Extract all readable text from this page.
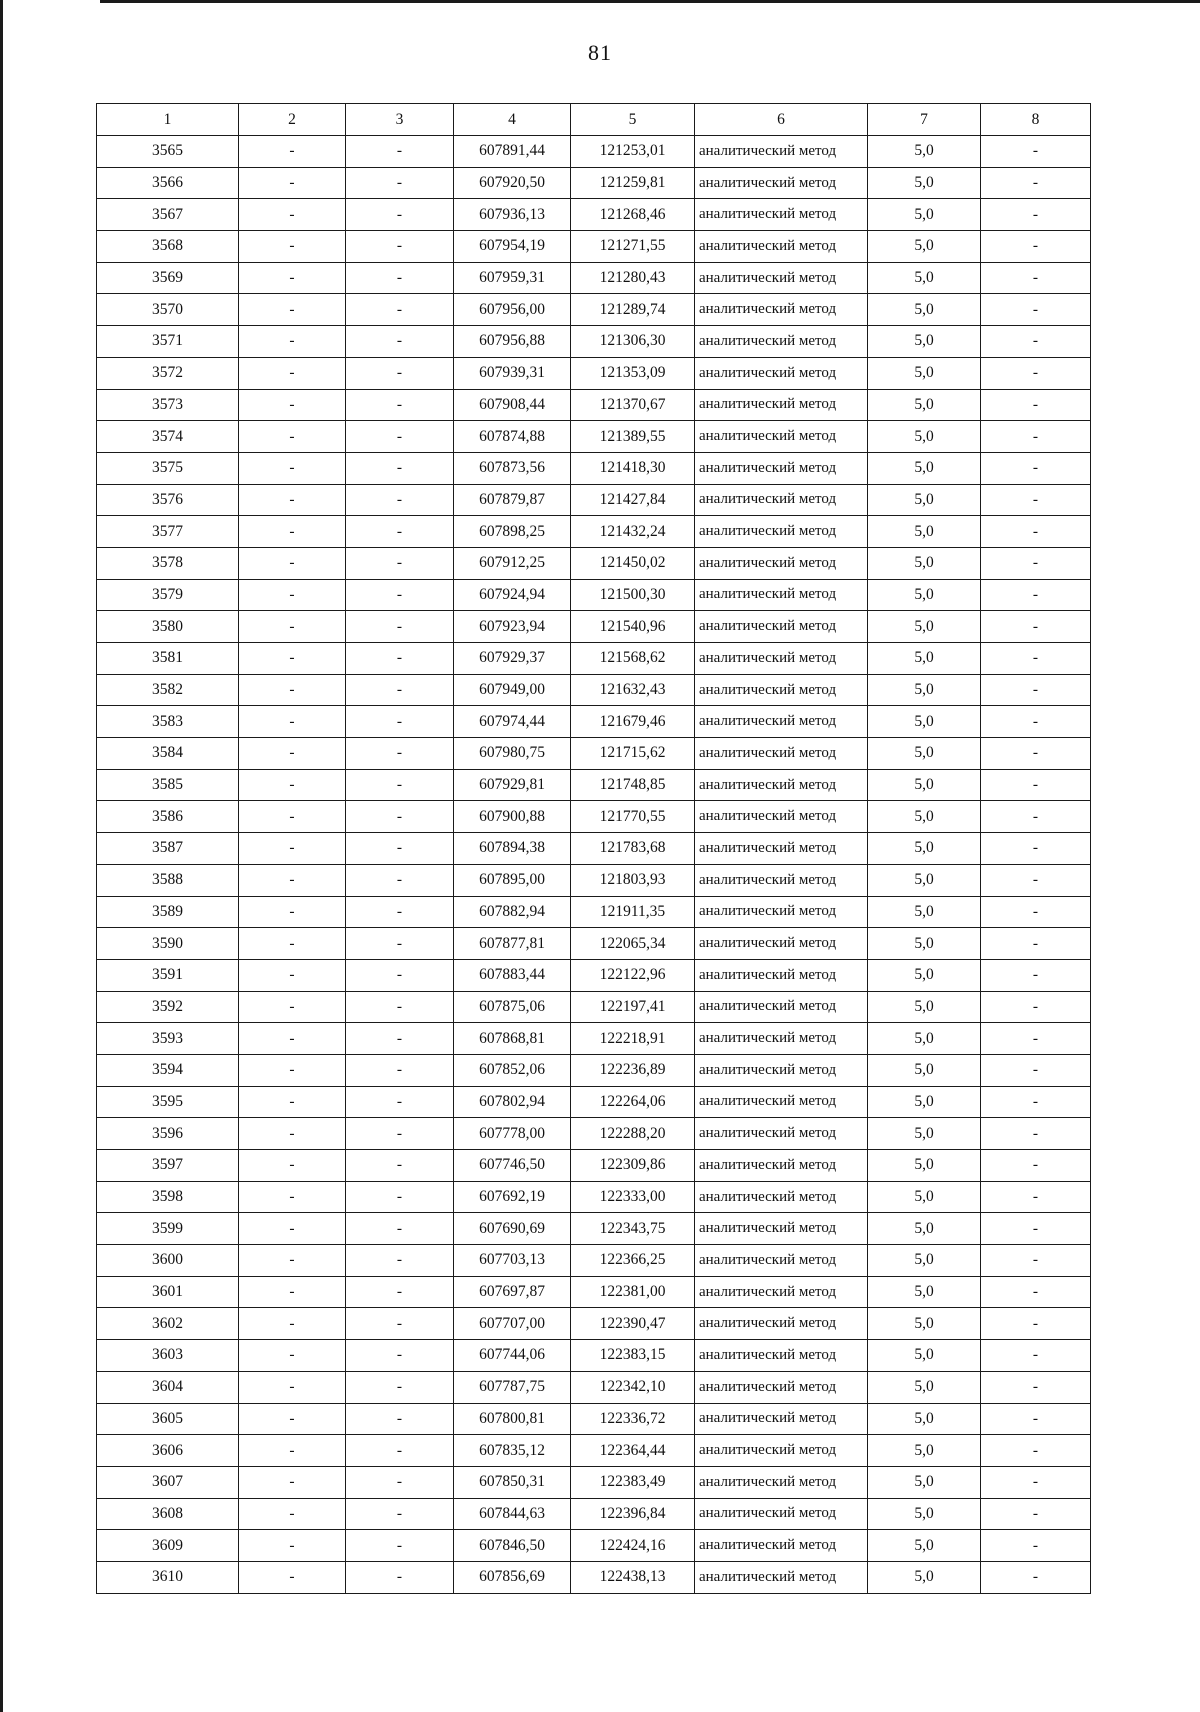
81
1	2	3	4	5	6	7	8
3565	-	-	607891,44	121253,01	аналитический метод	5,0	-
3566	-	-	607920,50	121259,81	аналитический метод	5,0	-
3567	-	-	607936,13	121268,46	аналитический метод	5,0	-
3568	-	-	607954,19	121271,55	аналитический метод	5,0	-
3569	-	-	607959,31	121280,43	аналитический метод	5,0	-
3570	-	-	607956,00	121289,74	аналитический метод	5,0	-
3571	-	-	607956,88	121306,30	аналитический метод	5,0	-
3572	-	-	607939,31	121353,09	аналитический метод	5,0	-
3573	-	-	607908,44	121370,67	аналитический метод	5,0	-
3574	-	-	607874,88	121389,55	аналитический метод	5,0	-
3575	-	-	607873,56	121418,30	аналитический метод	5,0	-
3576	-	-	607879,87	121427,84	аналитический метод	5,0	-
3577	-	-	607898,25	121432,24	аналитический метод	5,0	-
3578	-	-	607912,25	121450,02	аналитический метод	5,0	-
3579	-	-	607924,94	121500,30	аналитический метод	5,0	-
3580	-	-	607923,94	121540,96	аналитический метод	5,0	-
3581	-	-	607929,37	121568,62	аналитический метод	5,0	-
3582	-	-	607949,00	121632,43	аналитический метод	5,0	-
3583	-	-	607974,44	121679,46	аналитический метод	5,0	-
3584	-	-	607980,75	121715,62	аналитический метод	5,0	-
3585	-	-	607929,81	121748,85	аналитический метод	5,0	-
3586	-	-	607900,88	121770,55	аналитический метод	5,0	-
3587	-	-	607894,38	121783,68	аналитический метод	5,0	-
3588	-	-	607895,00	121803,93	аналитический метод	5,0	-
3589	-	-	607882,94	121911,35	аналитический метод	5,0	-
3590	-	-	607877,81	122065,34	аналитический метод	5,0	-
3591	-	-	607883,44	122122,96	аналитический метод	5,0	-
3592	-	-	607875,06	122197,41	аналитический метод	5,0	-
3593	-	-	607868,81	122218,91	аналитический метод	5,0	-
3594	-	-	607852,06	122236,89	аналитический метод	5,0	-
3595	-	-	607802,94	122264,06	аналитический метод	5,0	-
3596	-	-	607778,00	122288,20	аналитический метод	5,0	-
3597	-	-	607746,50	122309,86	аналитический метод	5,0	-
3598	-	-	607692,19	122333,00	аналитический метод	5,0	-
3599	-	-	607690,69	122343,75	аналитический метод	5,0	-
3600	-	-	607703,13	122366,25	аналитический метод	5,0	-
3601	-	-	607697,87	122381,00	аналитический метод	5,0	-
3602	-	-	607707,00	122390,47	аналитический метод	5,0	-
3603	-	-	607744,06	122383,15	аналитический метод	5,0	-
3604	-	-	607787,75	122342,10	аналитический метод	5,0	-
3605	-	-	607800,81	122336,72	аналитический метод	5,0	-
3606	-	-	607835,12	122364,44	аналитический метод	5,0	-
3607	-	-	607850,31	122383,49	аналитический метод	5,0	-
3608	-	-	607844,63	122396,84	аналитический метод	5,0	-
3609	-	-	607846,50	122424,16	аналитический метод	5,0	-
3610	-	-	607856,69	122438,13	аналитический метод	5,0	-
